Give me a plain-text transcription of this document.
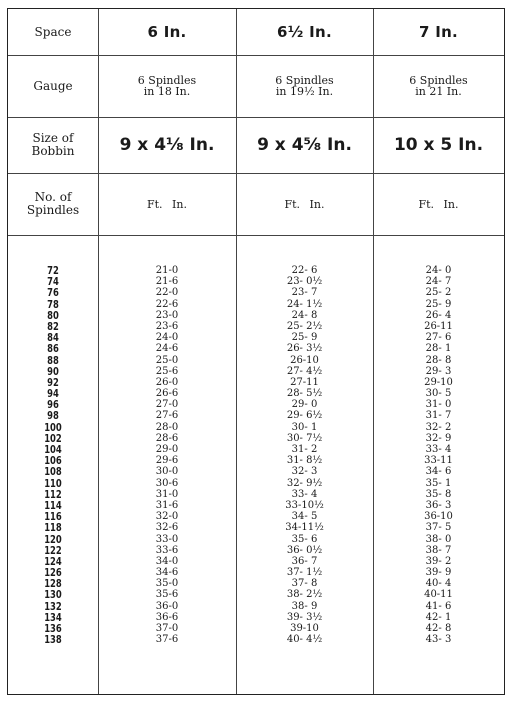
Space
Gauge
Size of
Bobbin
No. of
Spindles
72
74
76
78
80
82
84
86
88
90
92
94
96
98
100
102
104
106
108
110
112
114
116
118
120
122
124
126
128
130
132
134
136
138
6 In.
6 Spindles
in 18 In.
9 x 4⅛ In.
Ft. In.
21-0
21-6
22-0
22-6
23-0
23-6
24-0
24-6
25-0
25-6
26-0
26-6
27-0
27-6
28-0
28-6
29-0
29-6
30-0
30-6
31-0
31-6
32-0
32-6
33-0
33-6
34-0
34-6
35-0
35-6
36-0
36-6
37-0
37-6
6½ In.
6 Spindles
in 19½ In.
9 x 4⅝ In.
Ft. In.
22- 6
23- 0½
23- 7
24- 1½
24- 8
25- 2½
25- 9
26- 3½
26-10
27- 4½
27-11
28- 5½
29- 0
29- 6½
30- 1
30- 7½
31- 2
31- 8½
32- 3
32- 9½
33- 4
33-10½
34- 5
34-11½
35- 6
36- 0½
36- 7
37- 1½
37- 8
38- 2½
38- 9
39- 3½
39-10
40- 4½
7 In.
6 Spindles
in 21 In.
10 x 5 In.
Ft. In.
24- 0
24- 7
25- 2
25- 9
26- 4
26-11
27- 6
28- 1
28- 8
29- 3
29-10
30- 5
31- 0
31- 7
32- 2
32- 9
33- 4
33-11
34- 6
35- 1
35- 8
36- 3
36-10
37- 5
38- 0
38- 7
39- 2
39- 9
40- 4
40-11
41- 6
42- 1
42- 8
43- 3
